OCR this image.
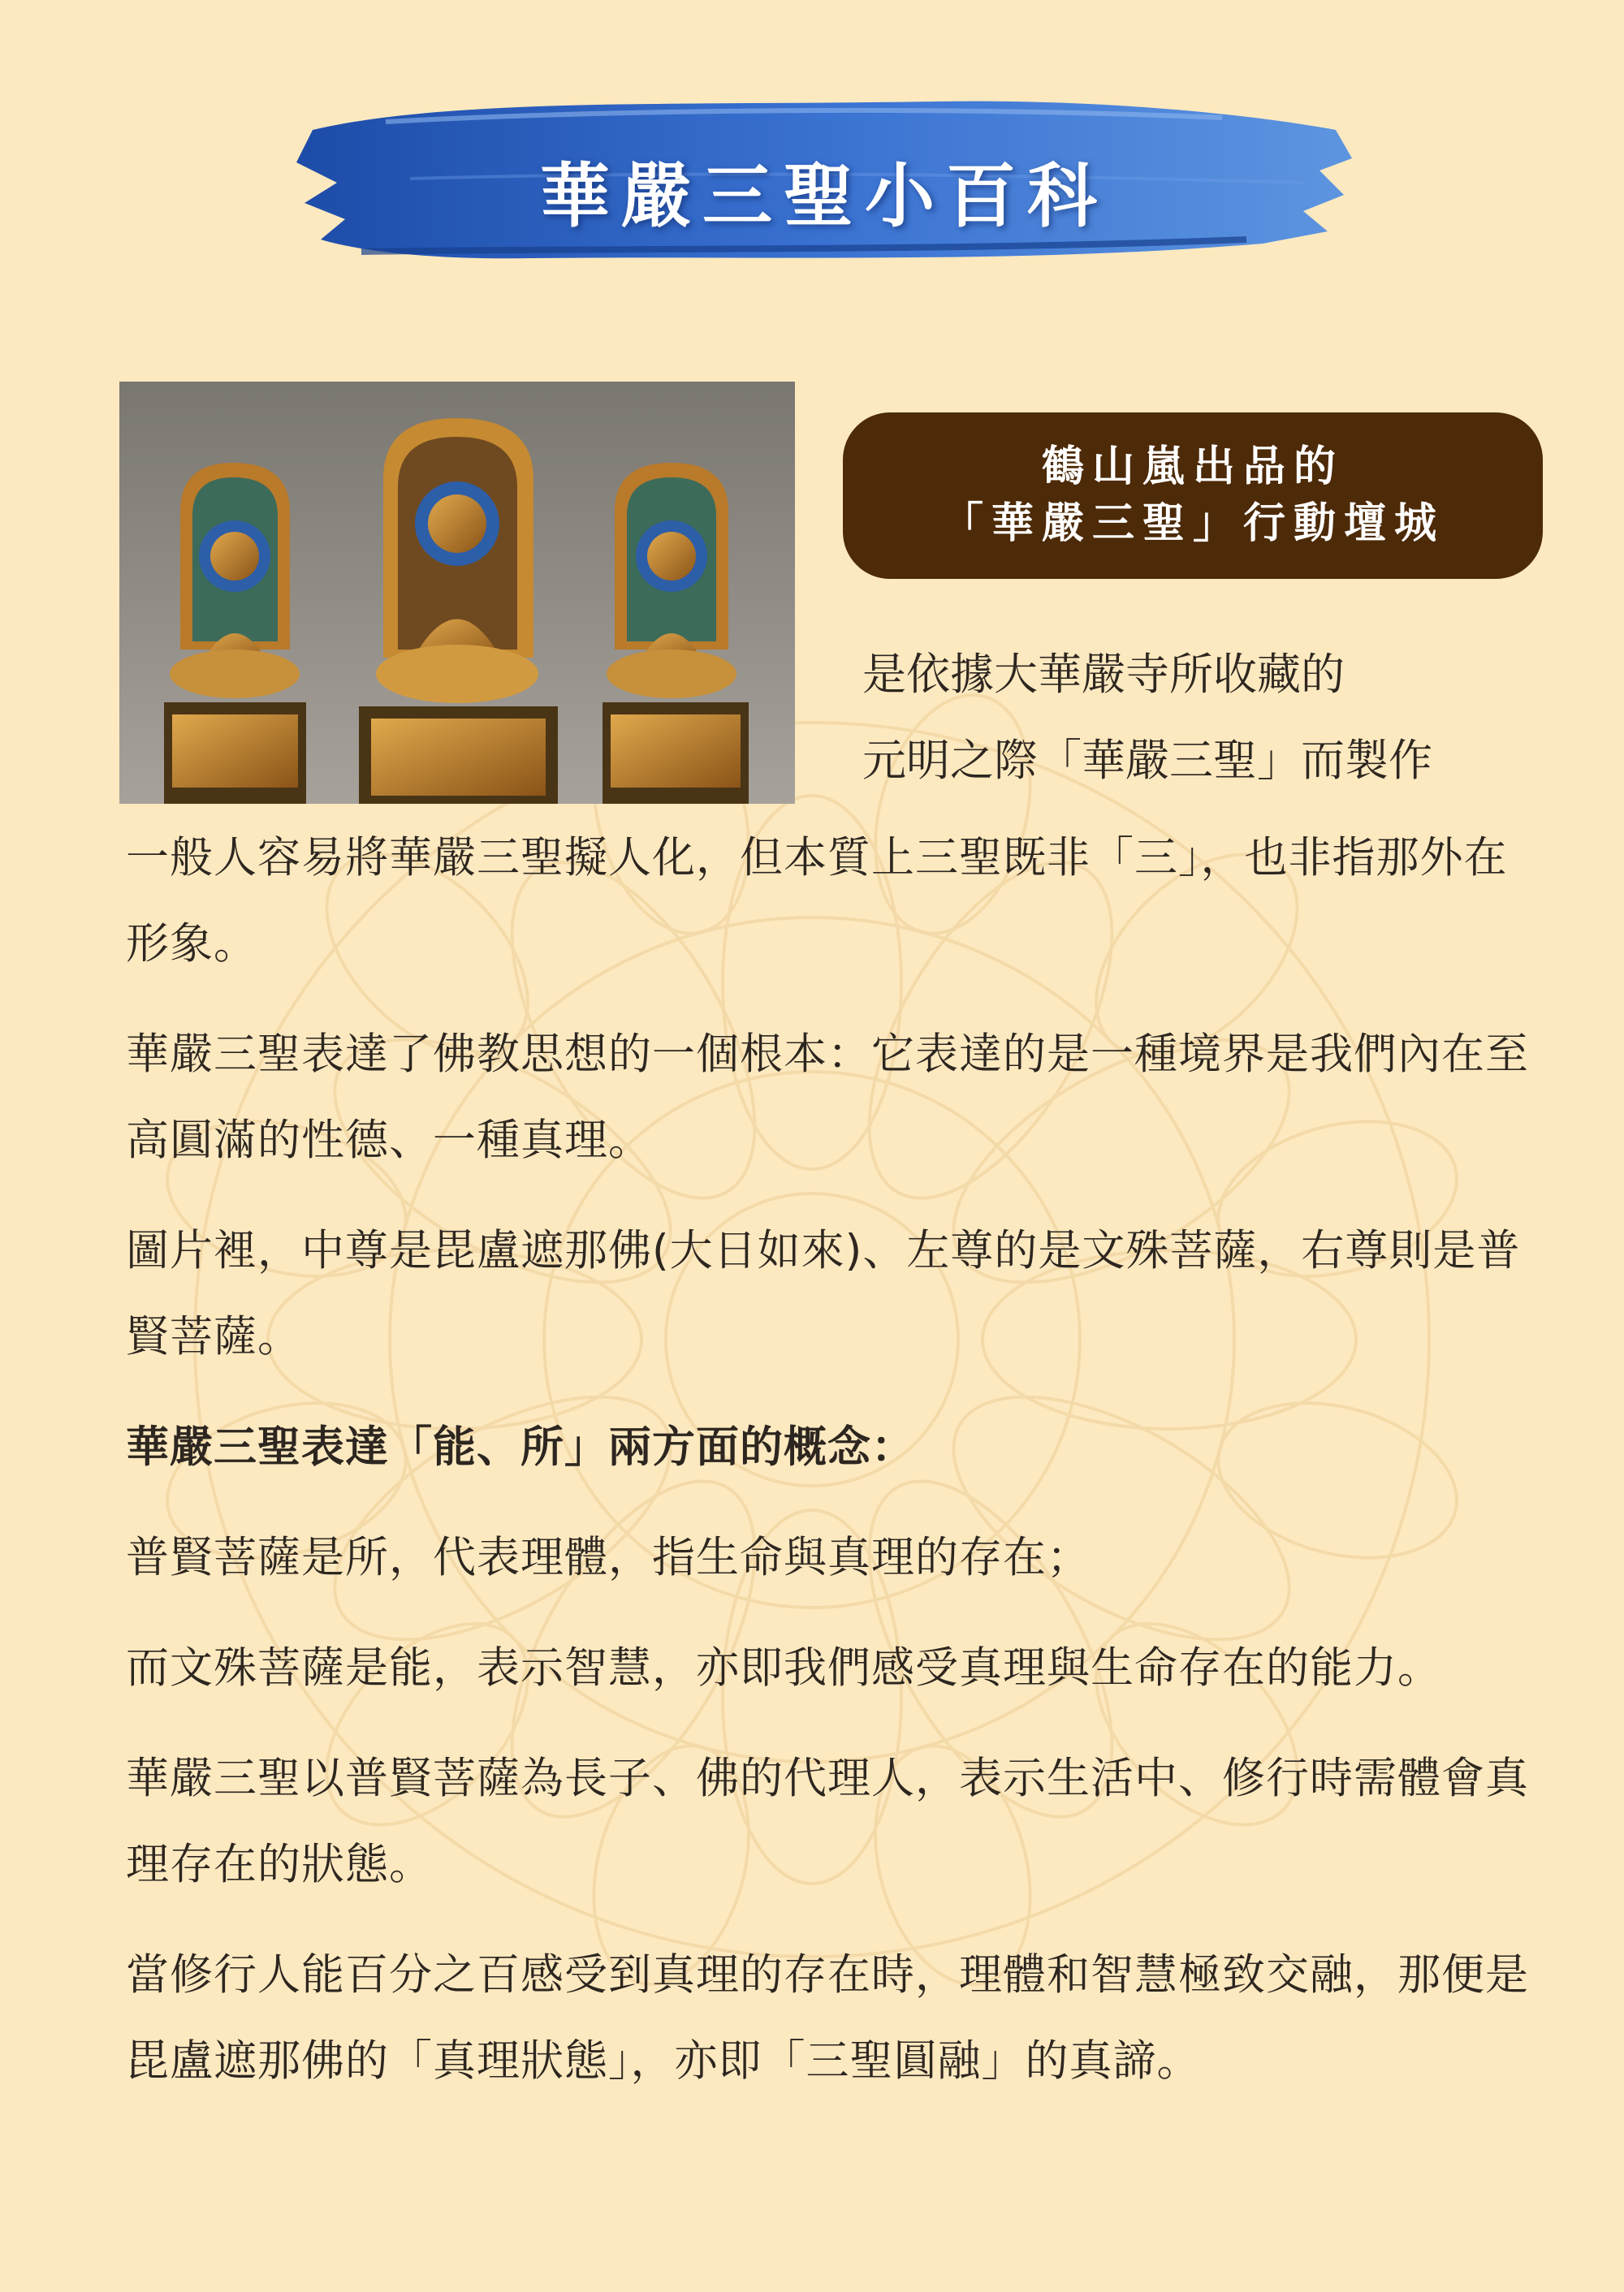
華嚴三聖小百科
鶴山嵐出品的
「華嚴三聖」行動壇城
是依據大華嚴寺所收藏的
元明之際「華嚴三聖」而製作

一般人容易將華嚴三聖擬人化，但本質上三聖既非「三」，也非指那外在形象。

華嚴三聖表達了佛教思想的一個根本：它表達的是一種境界是我們內在至高圓滿的性德、一種真理。

圖片裡，中尊是毘盧遮那佛(大日如來)、左尊的是文殊菩薩，右尊則是普賢菩薩。

華嚴三聖表達「能、所」兩方面的概念：

普賢菩薩是所，代表理體，指生命與真理的存在；

而文殊菩薩是能，表示智慧，亦即我們感受真理與生命存在的能力。

華嚴三聖以普賢菩薩為長子、佛的代理人，表示生活中、修行時需體會真理存在的狀態。

當修行人能百分之百感受到真理的存在時，理體和智慧極致交融，那便是毘盧遮那佛的「真理狀態」，亦即「三聖圓融」的真諦。
